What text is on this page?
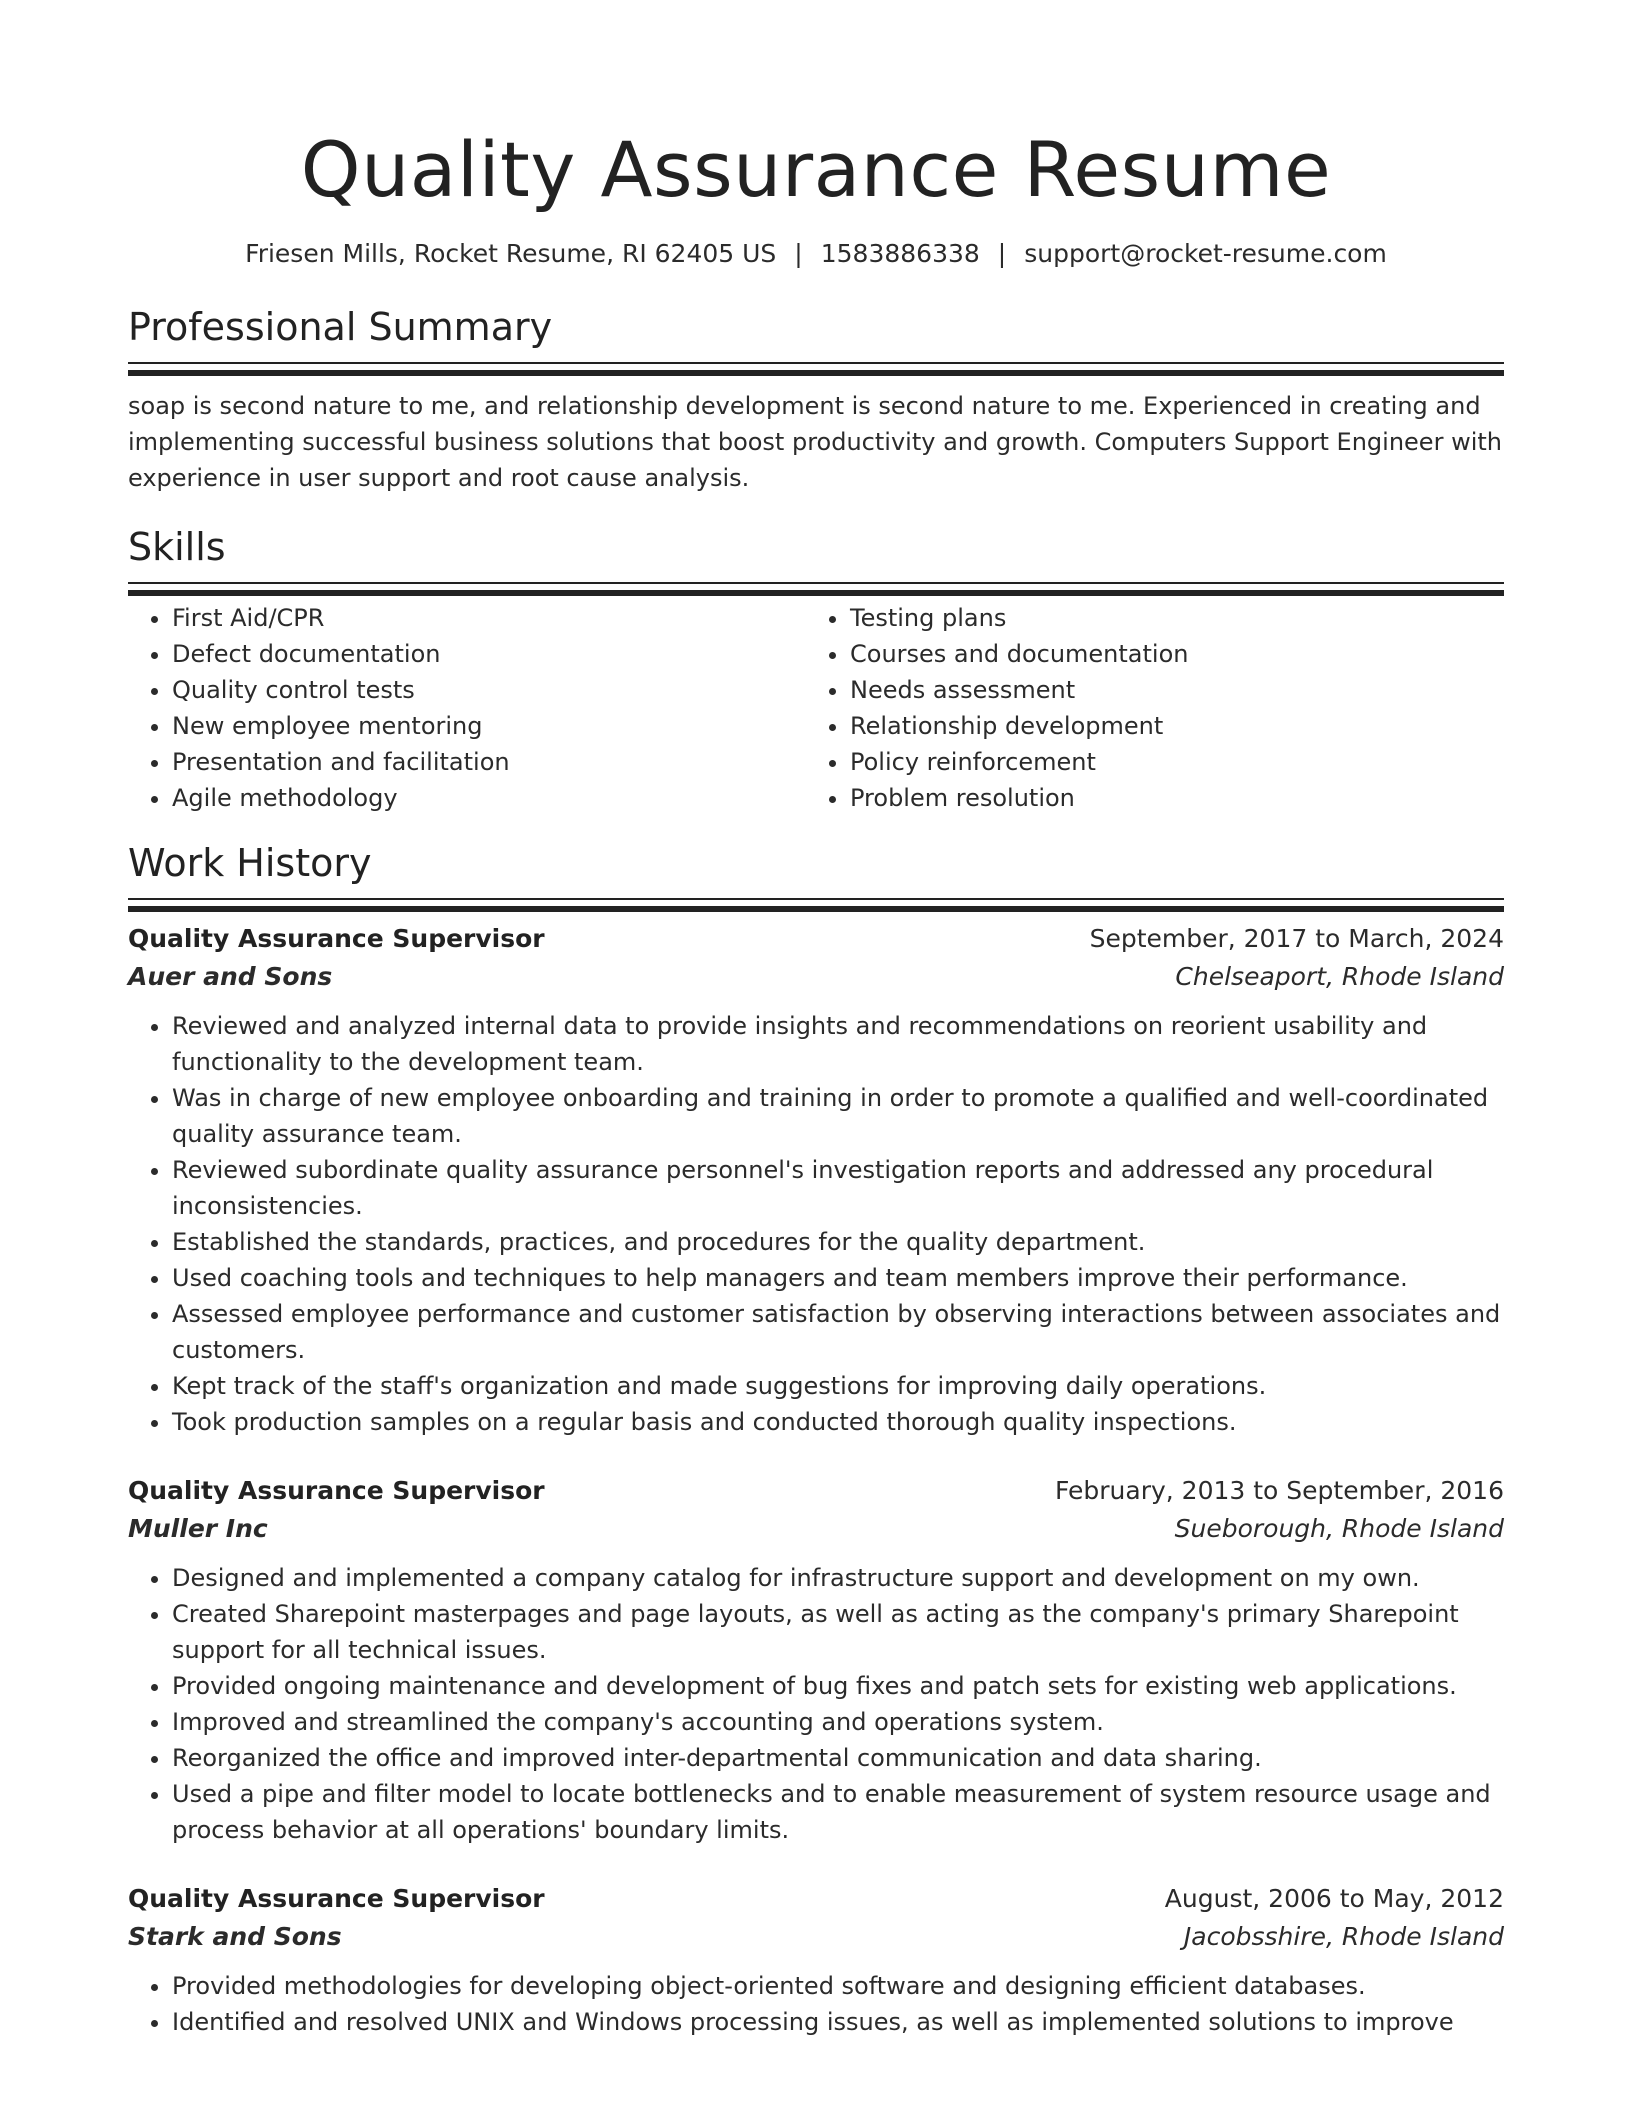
Quality Assurance Resume
Friesen Mills, Rocket Resume, RI 62405 US | 1583886338 | support@rocket-resume.com
Professional Summary
soap is second nature to me, and relationship development is second nature to me. Experienced in creating and implementing successful business solutions that boost productivity and growth. Computers Support Engineer with experience in user support and root cause analysis.
Skills
• First Aid/CPR
• Defect documentation
• Quality control tests
• New employee mentoring
• Presentation and facilitation
• Agile methodology
• Testing plans
• Courses and documentation
• Needs assessment
• Relationship development
• Policy reinforcement
• Problem resolution
Work History
Quality Assurance Supervisor	September, 2017 to March, 2024
Auer and Sons	Chelseaport, Rhode Island
• Reviewed and analyzed internal data to provide insights and recommendations on reorient usability and functionality to the development team.
• Was in charge of new employee onboarding and training in order to promote a qualified and well-coordinated quality assurance team.
• Reviewed subordinate quality assurance personnel's investigation reports and addressed any procedural inconsistencies.
• Established the standards, practices, and procedures for the quality department.
• Used coaching tools and techniques to help managers and team members improve their performance.
• Assessed employee performance and customer satisfaction by observing interactions between associates and customers.
• Kept track of the staff's organization and made suggestions for improving daily operations.
• Took production samples on a regular basis and conducted thorough quality inspections.
Quality Assurance Supervisor	February, 2013 to September, 2016
Muller Inc	Sueborough, Rhode Island
• Designed and implemented a company catalog for infrastructure support and development on my own.
• Created Sharepoint masterpages and page layouts, as well as acting as the company's primary Sharepoint support for all technical issues.
• Provided ongoing maintenance and development of bug fixes and patch sets for existing web applications.
• Improved and streamlined the company's accounting and operations system.
• Reorganized the office and improved inter-departmental communication and data sharing.
• Used a pipe and filter model to locate bottlenecks and to enable measurement of system resource usage and process behavior at all operations' boundary limits.
Quality Assurance Supervisor	August, 2006 to May, 2012
Stark and Sons	Jacobsshire, Rhode Island
• Provided methodologies for developing object-oriented software and designing efficient databases.
• Identified and resolved UNIX and Windows processing issues, as well as implemented solutions to improve
